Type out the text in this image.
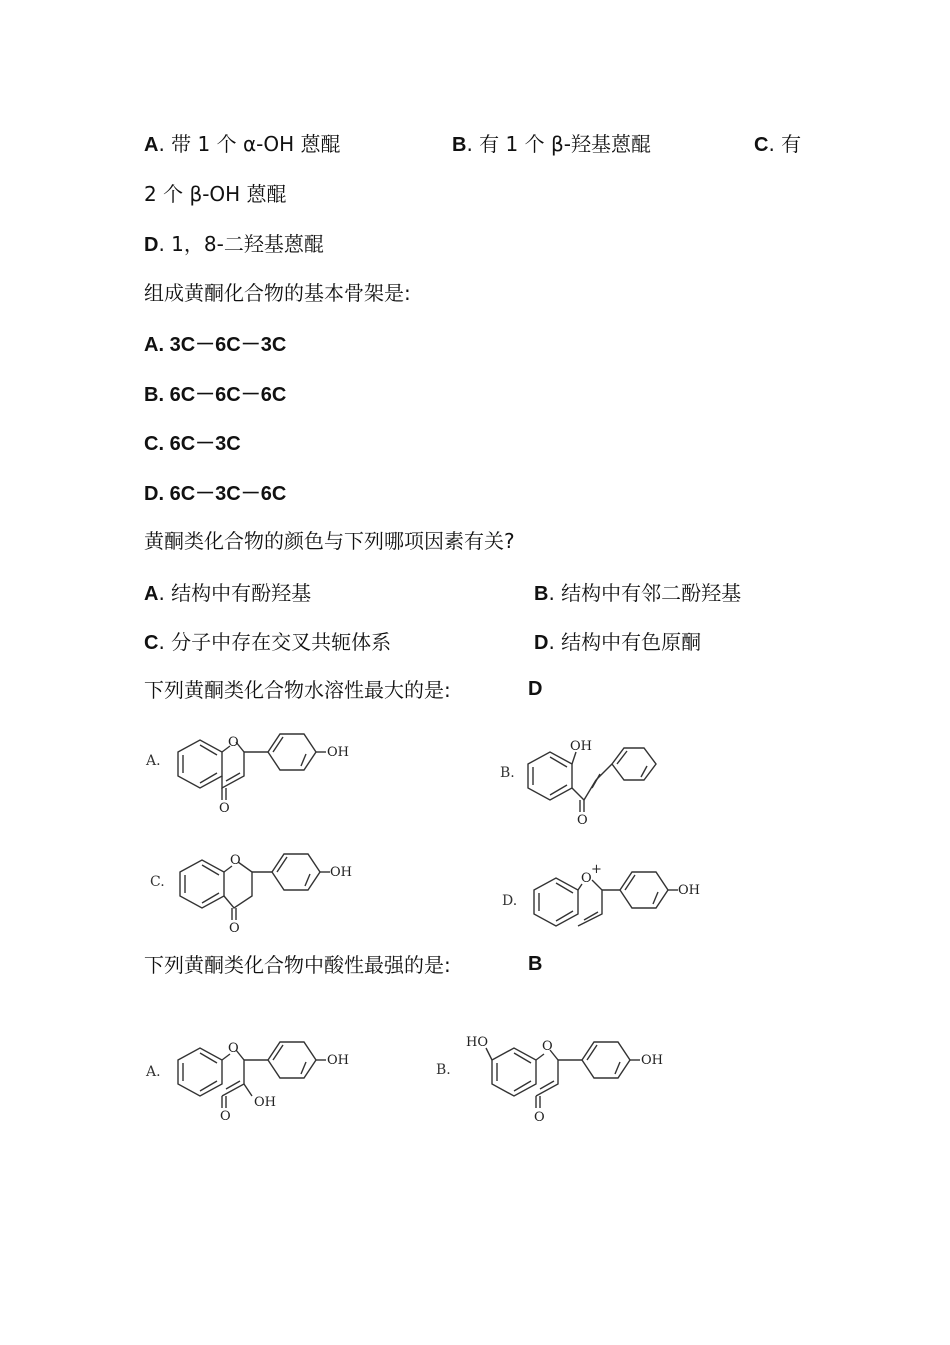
A. 带 1 个 α-OH 蒽醌	B. 有 1 个 β-羟基蒽醌	C. 有
2 个 β-OH 蒽醌
D. 1，8-二羟基蒽醌
组成黄酮化合物的基本骨架是:
A. 3C－6C－3C
B. 6C－6C－6C
C. 6C－3C
D. 6C－3C－6C
黄酮类化合物的颜色与下列哪项因素有关?
A. 结构中有酚羟基	B. 结构中有邻二酚羟基
C. 分子中存在交叉共轭体系	D. 结构中有色原酮
下列黄酮类化合物水溶性最大的是:	D
A.
O
OH
O
B.
OH
O
C.
O
OH
O
D.
O
+
OH
下列黄酮类化合物中酸性最强的是:	B
A.
O
OH
OH
O
B.
HO	O
OH
O
